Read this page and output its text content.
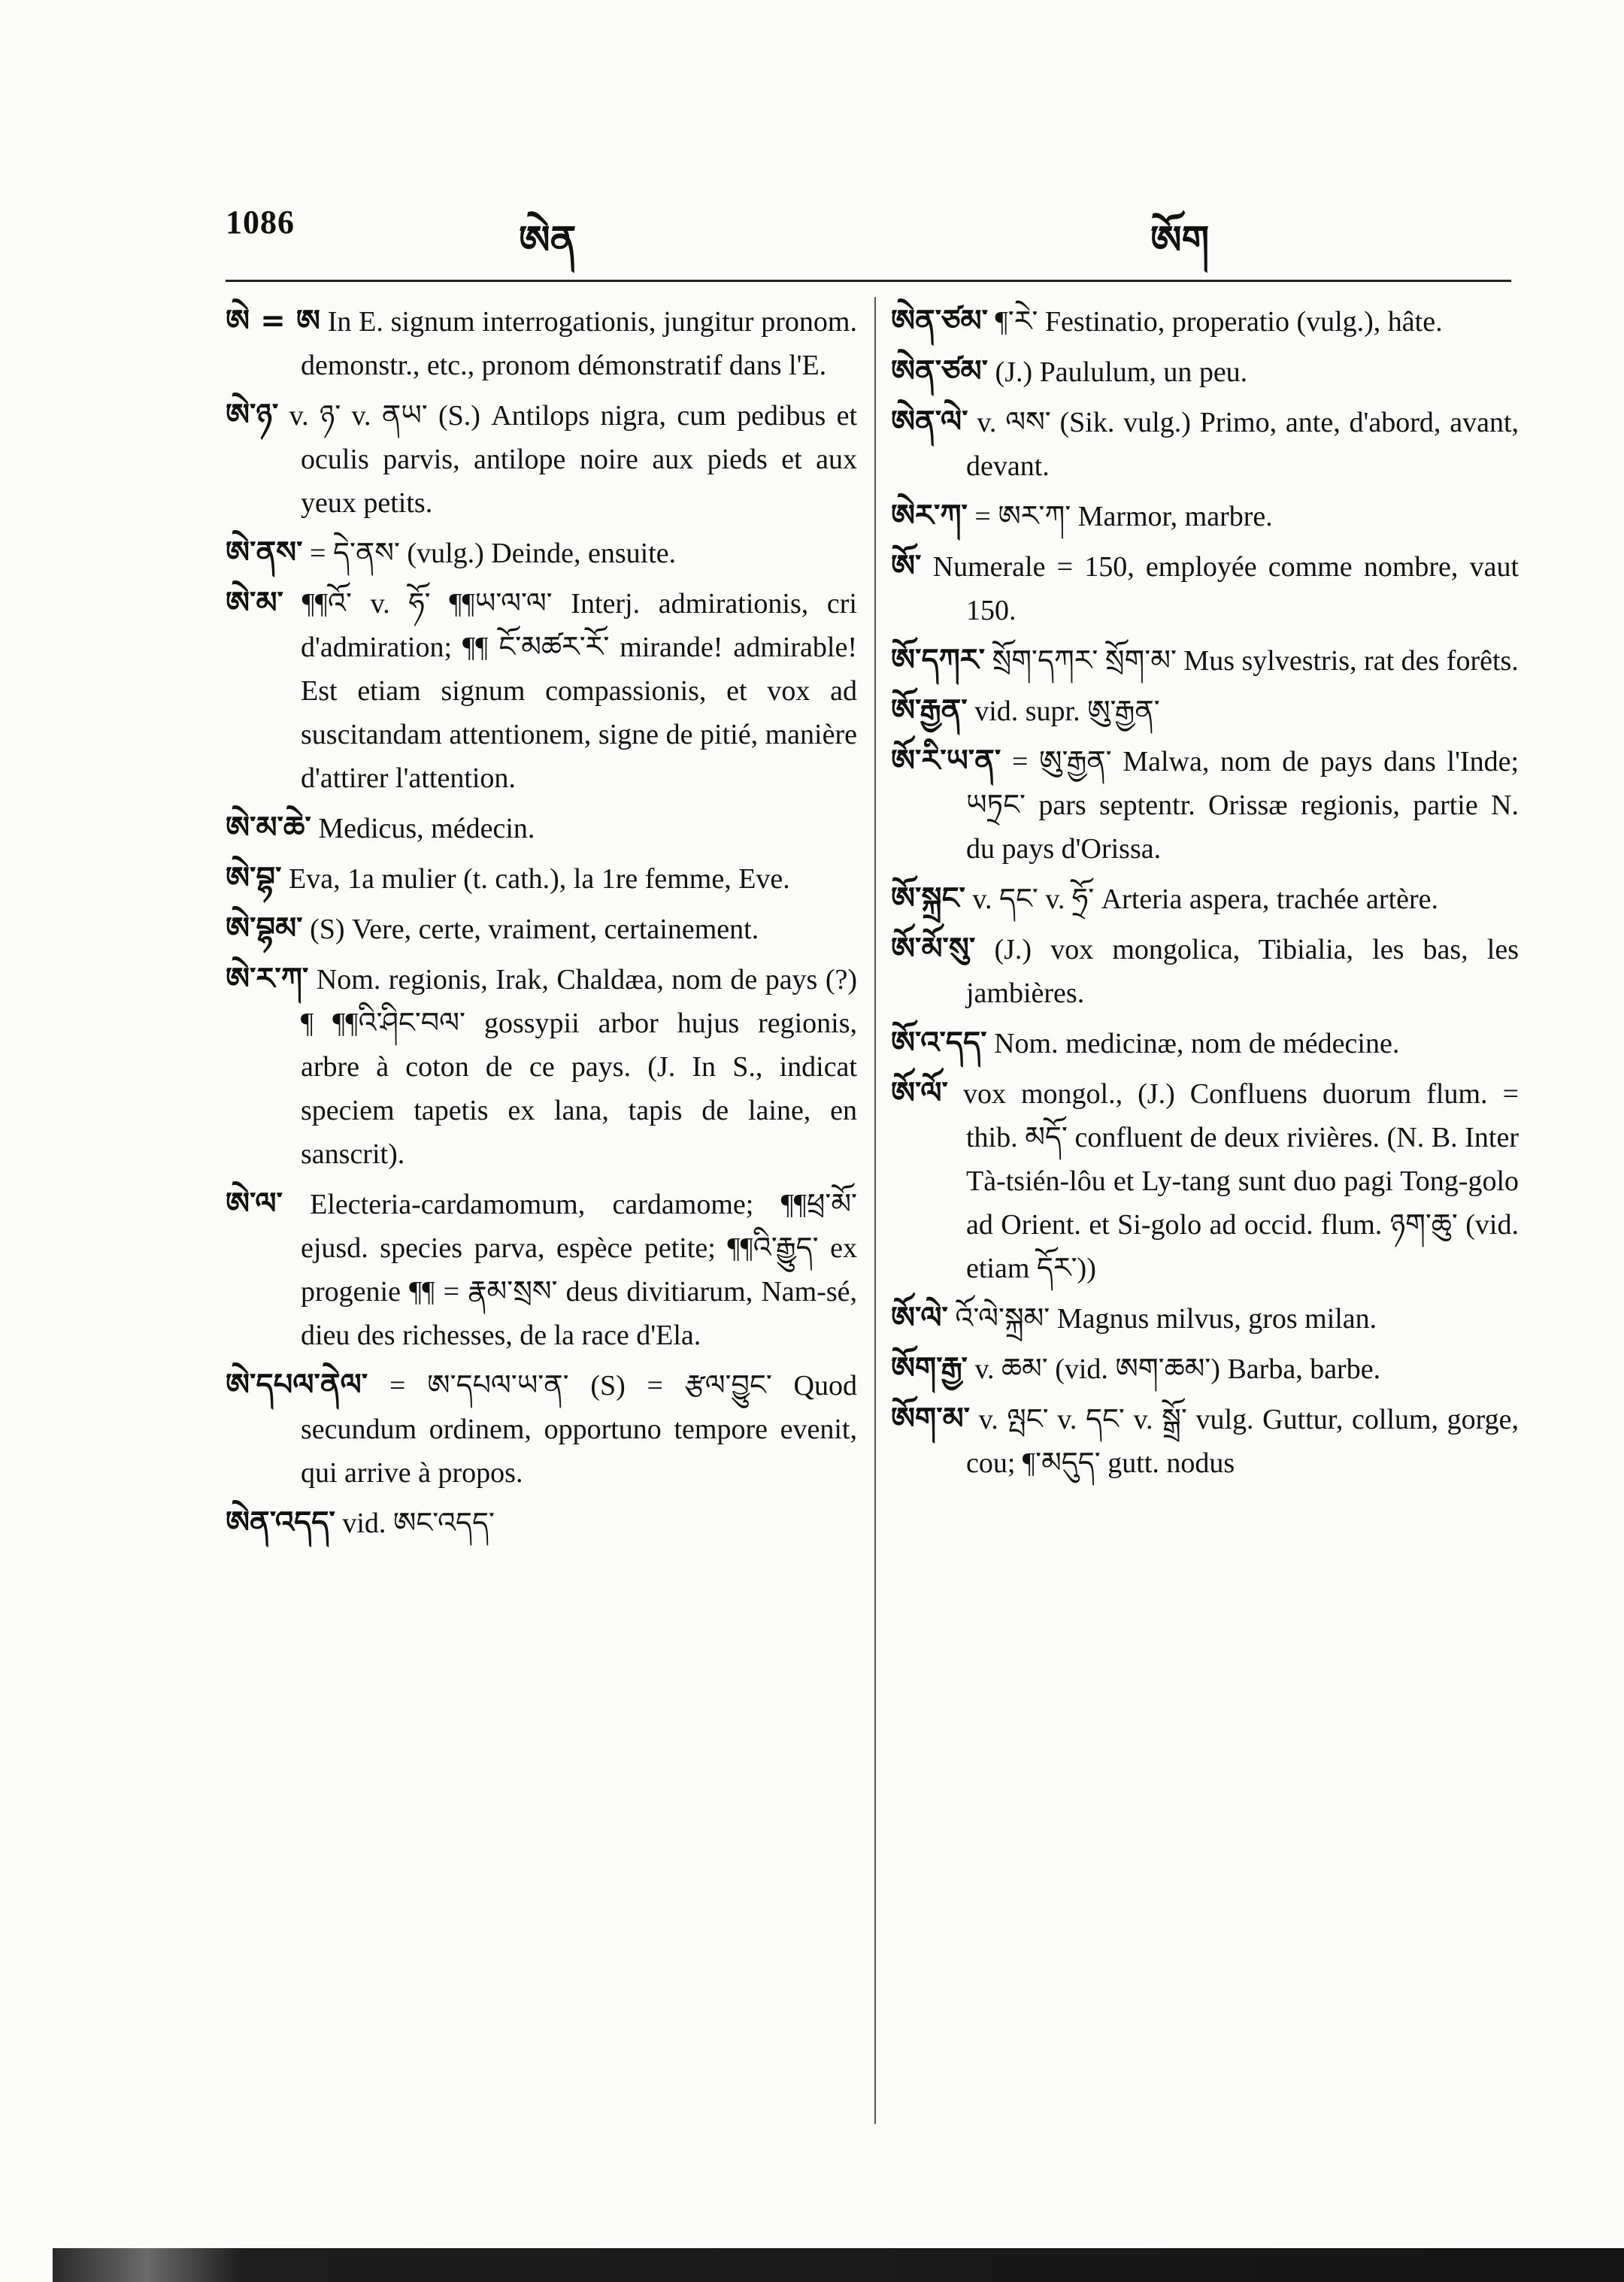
1086	ཨེན	ཨོག

ཨེ = ཨ In E. signum interrogationis, jungitur pronom. demonstr., etc., pronom démonstratif dans l'E.

ཨེ་ཉ་ v. ཉ་ v. ནཡ་ (S.) Antilops nigra, cum pedibus et oculis parvis, antilope noire aux pieds et aux yeux petits.

ཨེ་ནས་ = དེ་ནས་ (vulg.) Deinde, ensuite.

ཨེ་མ་ ¶¶འོ་ v. ཧོ་ ¶¶ཡ་ལ་ལ་ Interj. admirationis, cri d'admiration; ¶¶ ངོ་མཚར་རོ་ mirande! admirable! Est etiam signum compassionis, et vox ad suscitandam attentionem, signe de pitié, manière d'attirer l'attention.

ཨེ་མ་ཆེ་ Medicus, médecin.

ཨེ་བྷ་ Eva, 1a mulier (t. cath.), la 1re femme, Eve.

ཨེ་བྷམ་ (S) Vere, certe, vraiment, certainement.

ཨེ་ར་ཀ་ Nom. regionis, Irak, Chaldæa, nom de pays (?) ¶ ¶¶འི་ཤིང་བལ་ gossypii arbor hujus regionis, arbre à coton de ce pays. (J. In S., indicat speciem tapetis ex lana, tapis de laine, en sanscrit).

ཨེ་ལ་ Electeria-cardamomum, cardamome; ¶¶ཕྲ་མོ་ ejusd. species parva, espèce petite; ¶¶འི་རྒྱུད་ ex progenie ¶¶ = རྣམ་སྲས་ deus divitiarum, Nam-sé, dieu des richesses, de la race d'Ela.

ཨེ་དཔལ་ནེལ་ = ཨ་དཔལ་ཡ་ན་ (S) = རྩལ་བྱུང་ Quod secundum ordinem, opportuno tempore evenit, qui arrive à propos.

ཨེན་འདད་ vid. ཨང་འདད་

ཨེན་ཙམ་ ¶་རེ་ Festinatio, properatio (vulg.), hâte.

ཨེན་ཙམ་ (J.) Paululum, un peu.

ཨེན་ལེ་ v. ལས་ (Sik. vulg.) Primo, ante, d'abord, avant, devant.

ཨེར་ཀ་ = ཨར་ཀ་ Marmor, marbre.

ཨོ་ Numerale = 150, employée comme nombre, vaut 150.

ཨོ་དཀར་ སྲོག་དཀར་ སྲོག་མ་ Mus sylvestris, rat des forêts.

ཨོ་རྒྱན་ vid. supr. ཨུ་རྒྱན་

ཨོ་རི་ཡ་ན་ = ཨུ་རྒྱན་ Malwa, nom de pays dans l'Inde; ཡཏྲང་ pars septentr. Orissæ regionis, partie N. du pays d'Orissa.

ཨོ་སྐྲང་ v. དང་ v. ཧྲོ་ Arteria aspera, trachée artère.

ཨོ་མོ་སུ་ (J.) vox mongolica, Tibialia, les bas, les jambières.

ཨོ་འ་དད་ Nom. medicinæ, nom de médecine.

ཨོ་ལོ་ vox mongol., (J.) Confluens duorum flum. = thib. མདོ་ confluent de deux rivières. (N. B. Inter Tà-tsién-lôu et Ly-tang sunt duo pagi Tong-golo ad Orient. et Si-golo ad occid. flum. ཉག་ཆུ་ (vid. etiam དོར་))

ཨོ་ལེ་ འོ་ལེ་སྐྲམ་ Magnus milvus, gros milan.

ཨོག་རྒྱ་ v. ཆམ་ (vid. ཨག་ཆམ་) Barba, barbe.

ཨོག་མ་ v. ལྤང་ v. དང་ v. སྒྲོ་ vulg. Guttur, collum, gorge, cou; ¶་མདུད་ gutt. nodus
